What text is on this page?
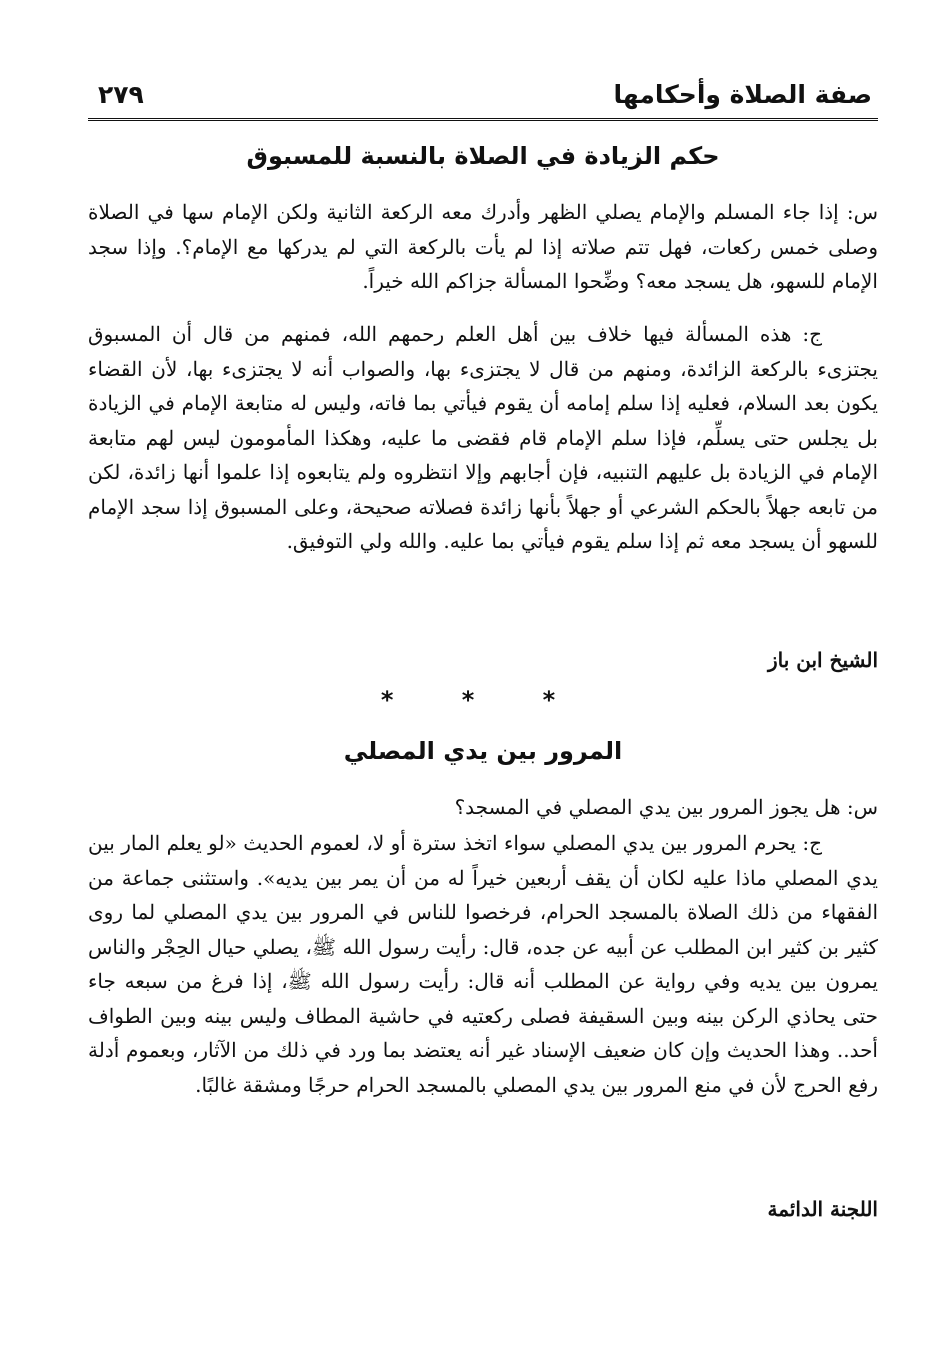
صفة الصلاة وأحكامها
٢٧٩
حكم الزيادة في الصلاة بالنسبة للمسبوق

س: إذا جاء المسلم والإمام يصلي الظهر وأدرك معه الركعة الثانية ولكن الإمام سها في الصلاة وصلى خمس ركعات، فهل تتم صلاته إذا لم يأت بالركعة التي لم يدركها مع الإمام؟. وإذا سجد الإمام للسهو، هل يسجد معه؟ وضِّحوا المسألة جزاكم الله خيراً.

ج: هذه المسألة فيها خلاف بين أهل العلم رحمهم الله، فمنهم من قال أن المسبوق يجتزىء بالركعة الزائدة، ومنهم من قال لا يجتزىء بها، والصواب أنه لا يجتزىء بها، لأن القضاء يكون بعد السلام، فعليه إذا سلم إمامه أن يقوم فيأتي بما فاته، وليس له متابعة الإمام في الزيادة بل يجلس حتى يسلِّم، فإذا سلم الإمام قام فقضى ما عليه، وهكذا المأمومون ليس لهم متابعة الإمام في الزيادة بل عليهم التنبيه، فإن أجابهم وإلا انتظروه ولم يتابعوه إذا علموا أنها زائدة، لكن من تابعه جهلاً بالحكم الشرعي أو جهلاً بأنها زائدة فصلاته صحيحة، وعلى المسبوق إذا سجد الإمام للسهو أن يسجد معه ثم إذا سلم يقوم فيأتي بما عليه. والله ولي التوفيق.

الشيخ ابن باز
* * *
المرور بين يدي المصلي

س: هل يجوز المرور بين يدي المصلي في المسجد؟

ج: يحرم المرور بين يدي المصلي سواء اتخذ سترة أو لا، لعموم الحديث «لو يعلم المار بين يدي المصلي ماذا عليه لكان أن يقف أربعين خيراً له من أن يمر بين يديه». واستثنى جماعة من الفقهاء من ذلك الصلاة بالمسجد الحرام، فرخصوا للناس في المرور بين يدي المصلي لما روى كثير بن كثير ابن المطلب عن أبيه عن جده، قال: رأيت رسول الله ﷺ، يصلي حيال الحِجْر والناس يمرون بين يديه وفي رواية عن المطلب أنه قال: رأيت رسول الله ﷺ، إذا فرغ من سبعه جاء حتى يحاذي الركن بينه وبين السقيفة فصلى ركعتيه في حاشية المطاف وليس بينه وبين الطواف أحد.. وهذا الحديث وإن كان ضعيف الإسناد غير أنه يعتضد بما ورد في ذلك من الآثار، وبعموم أدلة رفع الحرج لأن في منع المرور بين يدي المصلي بالمسجد الحرام حرجًا ومشقة غالبًا.

اللجنة الدائمة
